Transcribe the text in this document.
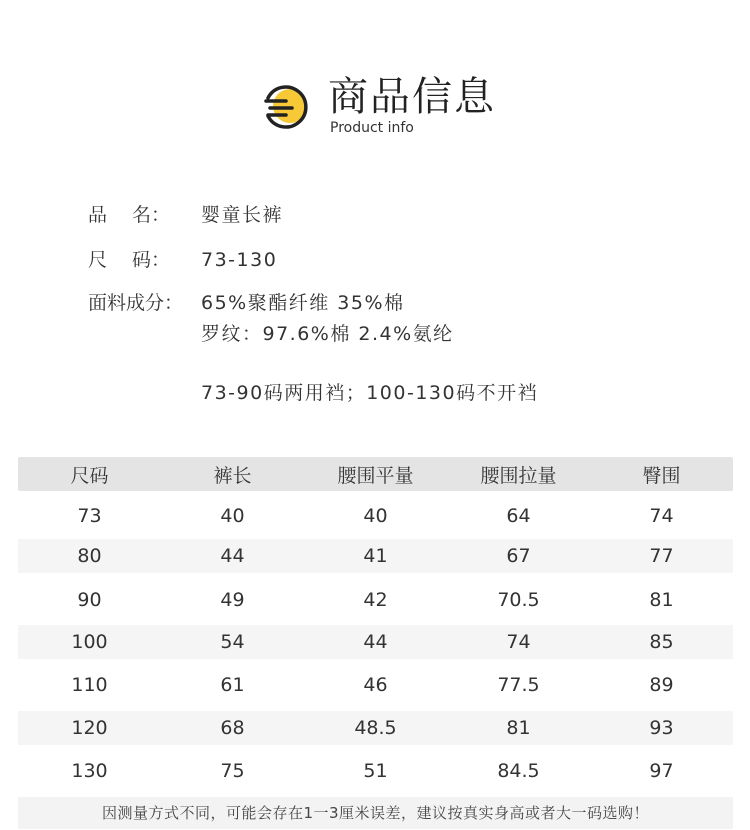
商品信息
Product info
品　 名：	婴童长裤
尺　 码：	73-130
面料成分： 65%聚酯纤维 35%棉
罗纹：97.6%棉 2.4%氨纶
73-90码两用裆；100-130码不开裆
尺码	裤长	腰围平量	腰围拉量	臀围
73	40	40	64	74
80	44	41	67	77
90	49	42	70.5	81
100	54	44	74	85
110	61	46	77.5	89
120	68	48.5	81	93
130	75	51	84.5	97
因测量方式不同，可能会存在1一3厘米误差，建议按真实身高或者大一码选购！
